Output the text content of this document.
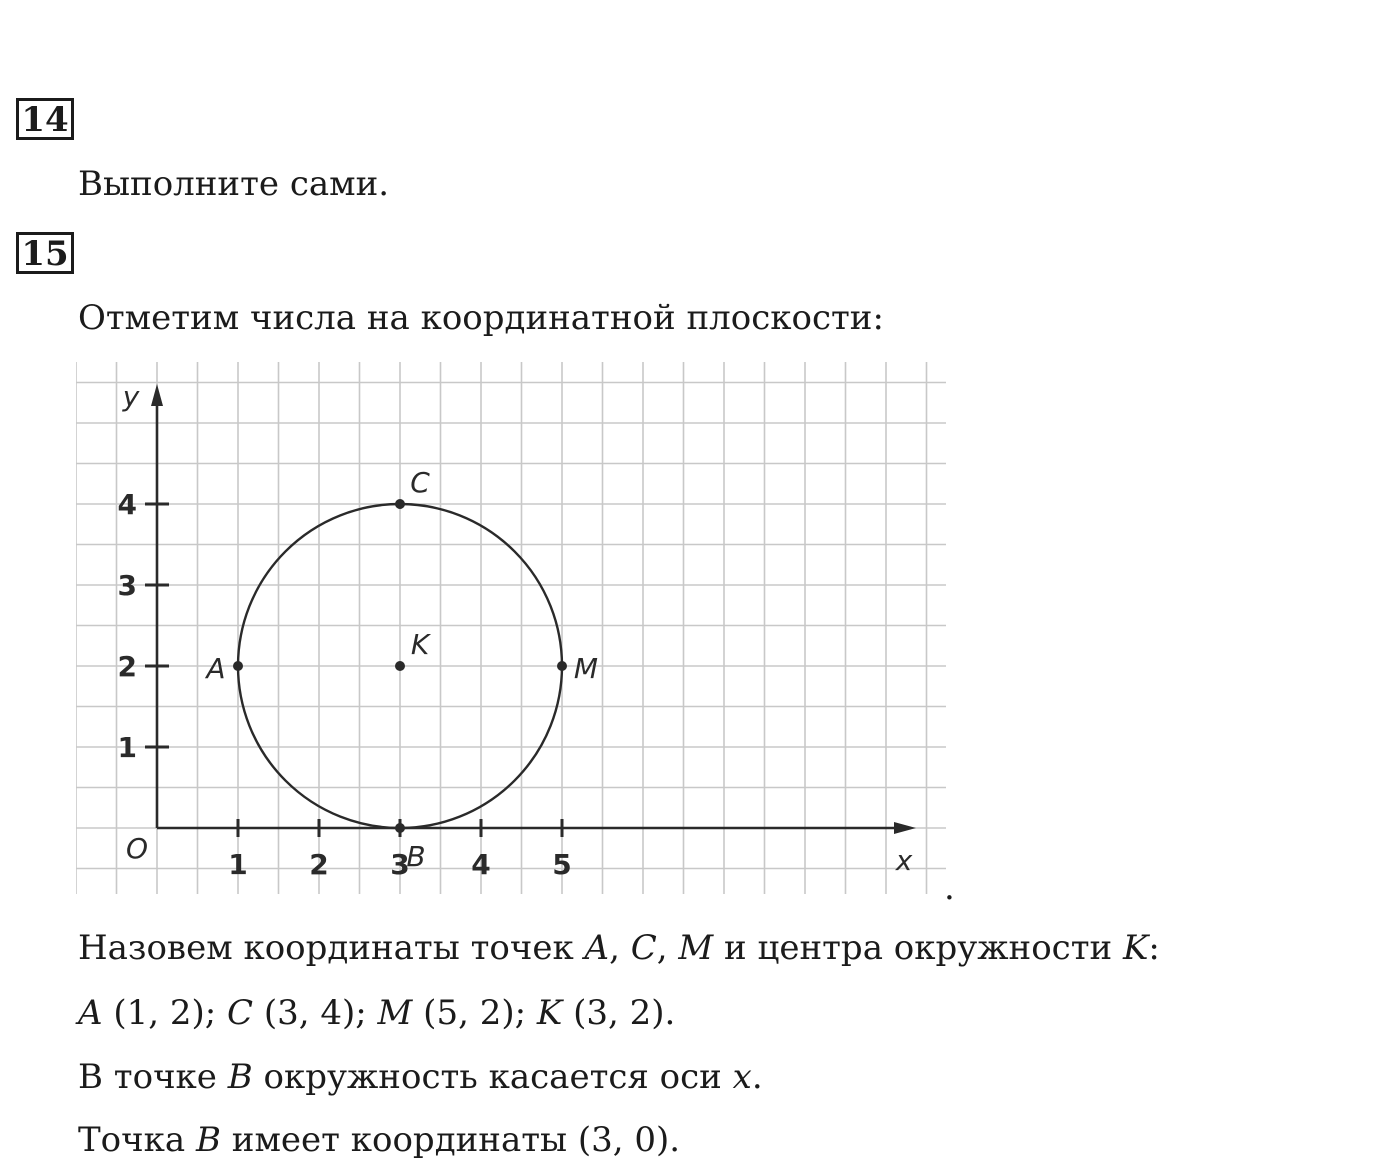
14
Выполните сами.
15
Отметим числа на координатной плоскости:
1 2 3 4 5
1
2
3
4
O	x
y
A
C
M
K
B
.
Назовем координаты точек A, C, M и центра окружности K:
A (1, 2); C (3, 4); M (5, 2); K (3, 2).
В точке B окружность касается оси x.
Точка B имеет координаты (3, 0).
